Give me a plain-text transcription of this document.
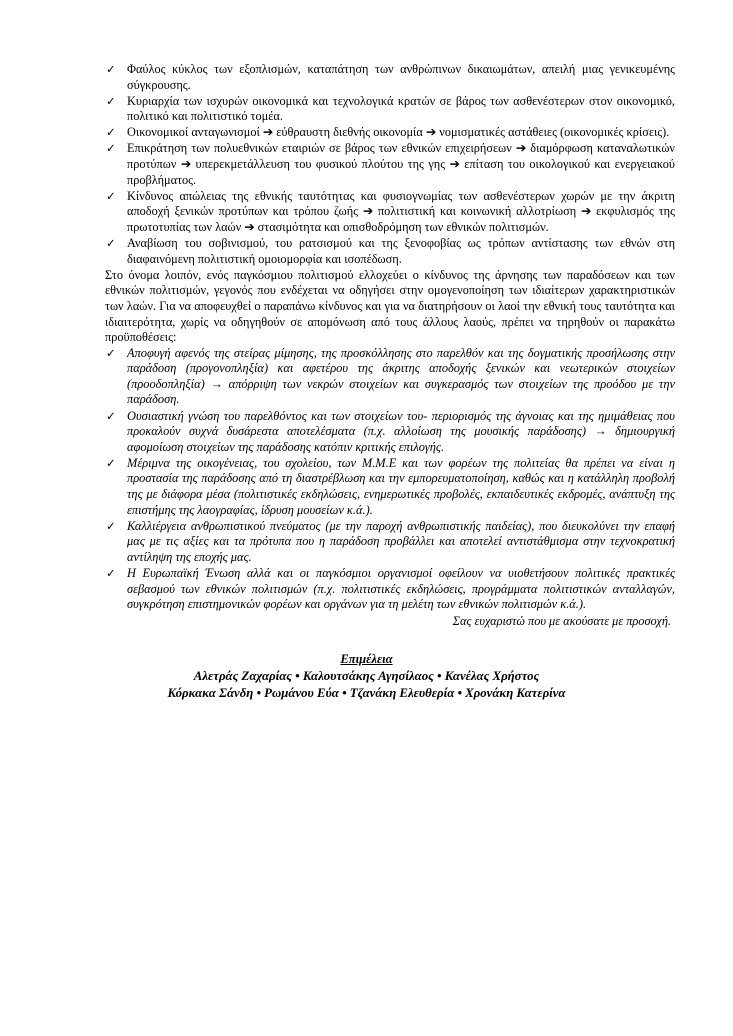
✓ Φαύλος κύκλος των εξοπλισμών, καταπάτηση των ανθρώπινων δικαιωμάτων, απειλή μιας γενικευμένης σύγκρουσης.
✓ Κυριαρχία των ισχυρών οικονομικά και τεχνολογικά κρατών σε βάρος των ασθενέστερων στον οικονομικό, πολιτικό και πολιτιστικό τομέα.
✓ Οικονομικοί ανταγωνισμοί ➔ εύθραυστη διεθνής οικονομία ➔ νομισματικές αστάθειες (οικονομικές κρίσεις).
✓ Επικράτηση των πολυεθνικών εταιριών σε βάρος των εθνικών επιχειρήσεων ➔ διαμόρφωση καταναλωτικών προτύπων ➔ υπερεκμετάλλευση του φυσικού πλούτου της γης ➔ επίταση του οικολογικού και ενεργειακού προβλήματος.
✓ Κίνδυνος απώλειας της εθνικής ταυτότητας και φυσιογνωμίας των ασθενέστερων χωρών με την άκριτη αποδοχή ξενικών προτύπων και τρόπου ζωής ➔ πολιτιστική και κοινωνική αλλοτρίωση ➔ εκφυλισμός της πρωτοτυπίας των λαών ➔ στασιμότητα και οπισθοδρόμηση των εθνικών πολιτισμών.
✓ Αναβίωση του σοβινισμού, του ρατσισμού και της ξενοφοβίας ως τρόπων αντίστασης των εθνών στη διαφαινόμενη πολιτιστική ομοιομορφία και ισοπέδωση.

Στο όνομα λοιπόν, ενός παγκόσμιου πολιτισμού ελλοχεύει ο κίνδυνος της άρνησης των παραδόσεων και των εθνικών πολιτισμών, γεγονός που ενδέχεται να οδηγήσει στην ομογενοποίηση των ιδιαίτερων χαρακτηριστικών των λαών. Για να αποφευχθεί ο παραπάνω κίνδυνος και για να διατηρήσουν οι λαοί την εθνική τους ταυτότητα και ιδιαιτερότητα, χωρίς να οδηγηθούν σε απομόνωση από τους άλλους λαούς, πρέπει να τηρηθούν οι παρακάτω προϋποθέσεις:

✓ Αποφυγή αφενός της στείρας μίμησης, της προσκόλλησης στο παρελθόν και της δογματικής προσήλωσης στην παράδοση (προγονοπληξία) και αφετέρου της άκριτης αποδοχής ξενικών και νεωτερικών στοιχείων (προοδοπληξία) → απόρριψη των νεκρών στοιχείων και συγκερασμός των στοιχείων της προόδου με την παράδοση.
✓ Ουσιαστική γνώση του παρελθόντος και των στοιχείων του- περιορισμός της άγνοιας και της ημιμάθειας που προκαλούν συχνά δυσάρεστα αποτελέσματα (π.χ. αλλοίωση της μουσικής παράδοσης) → δημιουργική αφομοίωση στοιχείων της παράδοσης κατόπιν κριτικής επιλογής.
✓ Μέριμνα της οικογένειας, του σχολείου, των Μ.Μ.Ε και των φορέων της πολιτείας θα πρέπει να είναι η προστασία της παράδοσης από τη διαστρέβλωση και την εμπορευματοποίηση, καθώς και η κατάλληλη προβολή της με διάφορα μέσα (πολιτιστικές εκδηλώσεις, ενημερωτικές προβολές, εκπαιδευτικές εκδρομές, ανάπτυξη της επιστήμης της λαογραφίας, ίδρυση μουσείων κ.ά.).
✓ Καλλιέργεια ανθρωπιστικού πνεύματος (με την παροχή ανθρωπιστικής παιδείας), που διευκολύνει την επαφή μας με τις αξίες και τα πρότυπα που η παράδοση προβάλλει και αποτελεί αντιστάθμισμα στην τεχνοκρατική αντίληψη της εποχής μας.
✓ Η Ευρωπαϊκή Ένωση αλλά και οι παγκόσμιοι οργανισμοί οφείλουν να υιοθετήσουν πολιτικές πρακτικές σεβασμού των εθνικών πολιτισμών (π.χ. πολιτιστικές εκδηλώσεις, προγράμματα πολιτιστικών ανταλλαγών, συγκρότηση επιστημονικών φορέων και οργάνων για τη μελέτη των εθνικών πολιτισμών κ.ά.).

Σας ευχαριστώ που με ακούσατε με προσοχή.

Επιμέλεια
Αλετράς Ζαχαρίας • Καλουτσάκης Αγησίλαος • Κανέλας Χρήστος
Κόρκακα Σάνδη • Ρωμάνου Εύα • Τζανάκη Ελευθερία • Χρονάκη Κατερίνα
